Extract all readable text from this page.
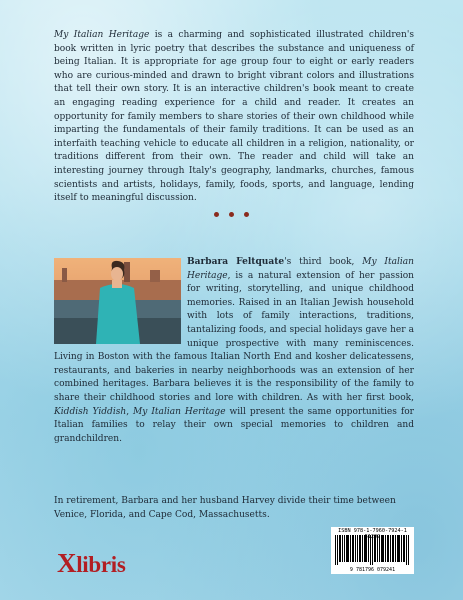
My Italian Heritage is a charming and sophisticated illustrated children's book written in lyric poetry that describes the substance and uniqueness of being Italian. It is appropriate for age group four to eight or early readers who are curious-minded and drawn to bright vibrant colors and illustrations that tell their own story. It is an interactive children's book meant to create an engaging reading experience for a child and reader. It creates an opportunity for family members to share stories of their own childhood while imparting the fundamentals of their family traditions. It can be used as an interfaith teaching vehicle to educate all children in a religion, nationality, or traditions different from their own. The reader and child will take an interesting journey through Italy's geography, landmarks, churches, famous scientists and artists, holidays, family, foods, sports, and language, lending itself to meaningful discussion.
Barbara Feltquate's third book, My Italian Heritage, is a natural extension of her passion for writing, storytelling, and unique childhood memories. Raised in an Italian Jewish household with lots of family interactions, traditions, tantalizing foods, and special holidays gave her a unique prospective with many reminiscences. Living in Boston with the famous Italian North End and kosher delicatessens, restaurants, and bakeries in nearby neighborhoods was an extension of her combined heritages. Barbara believes it is the responsibility of the family to share their childhood stories and lore with children. As with her first book, Kiddish Yiddish, My Italian Heritage will present the same opportunities for Italian families to relay their own special memories to children and grandchildren.
In retirement, Barbara and her husband Harvey divide their time between Venice, Florida, and Cape Cod, Massachusetts.
Xlibris
ISBN 978-1-7960-7924-1
9 781796 079241
